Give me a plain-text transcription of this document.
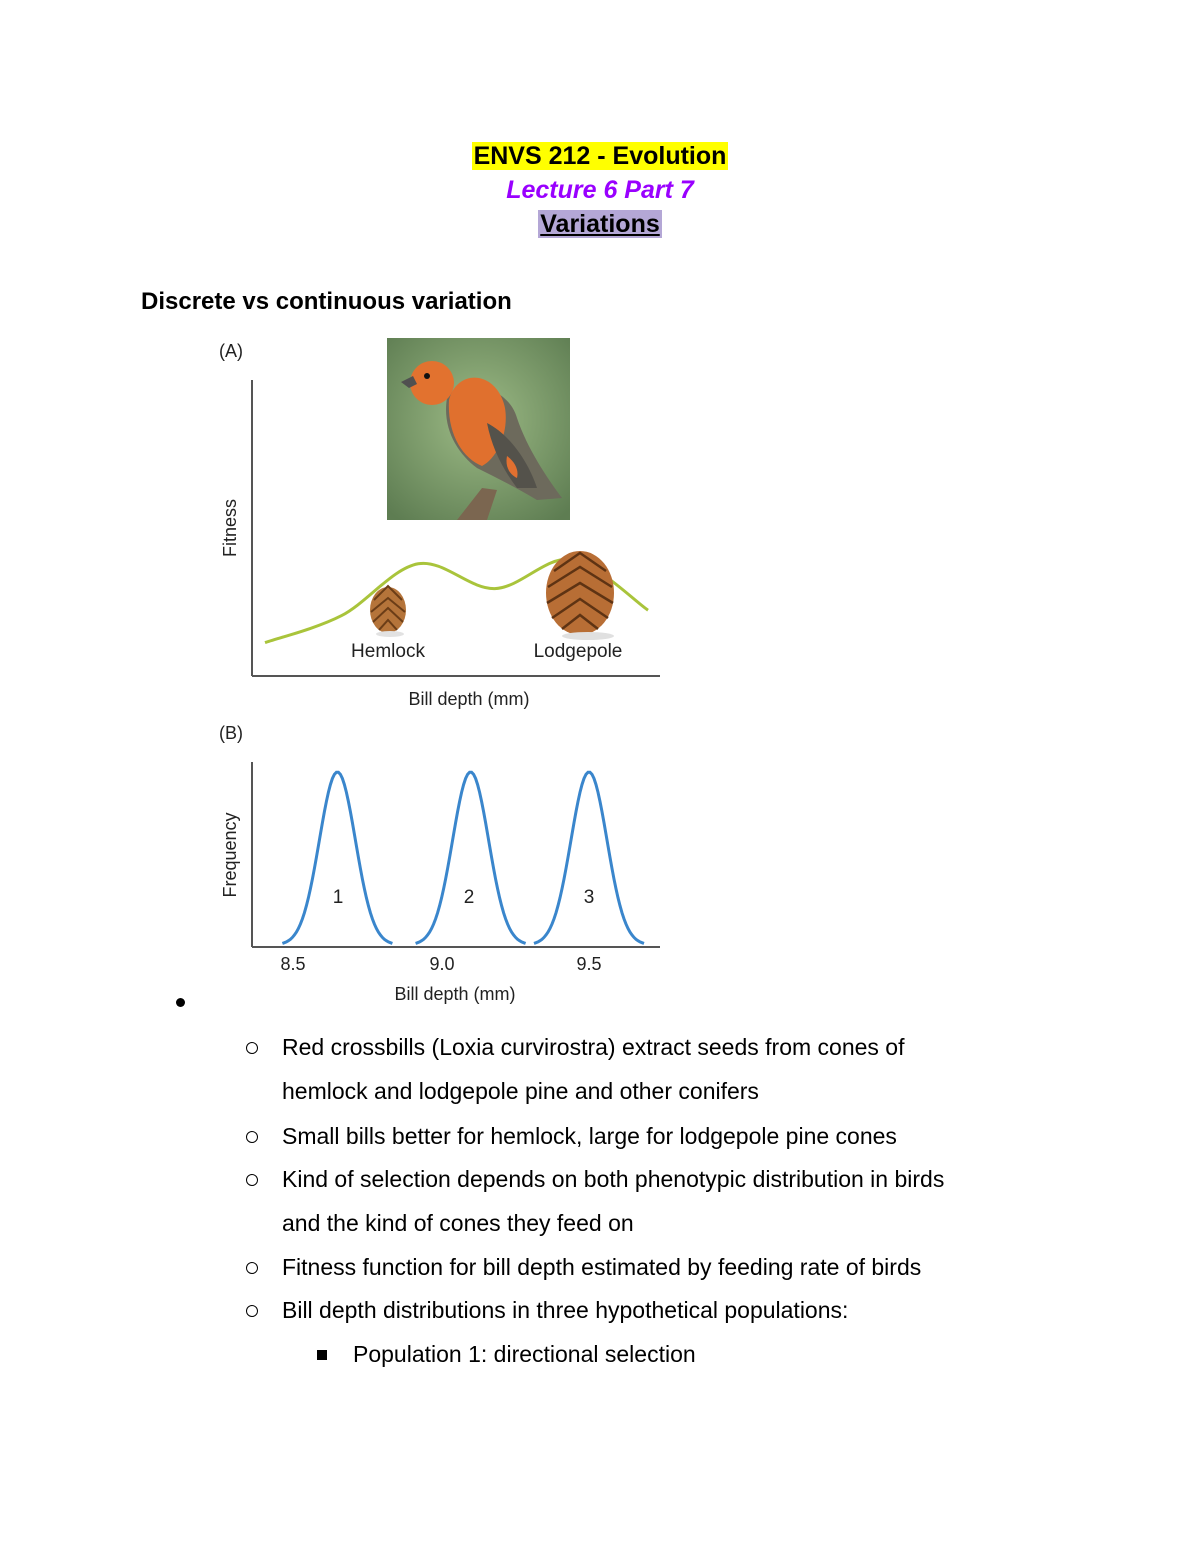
ENVS 212 - Evolution
Lecture 6 Part 7
Variations
Discrete vs continuous variation
(A)
Fitness
Bill depth (mm)
Hemlock	Lodgepole
(B)
Frequency	1	2	3
8.5	9.0	9.5
Bill depth (mm)
Red crossbills (Loxia curvirostra) extract seeds from cones of
hemlock and lodgepole pine and other conifers
Small bills better for hemlock, large for lodgepole pine cones
Kind of selection depends on both phenotypic distribution in birds
and the kind of cones they feed on
Fitness function for bill depth estimated by feeding rate of birds
Bill depth distributions in three hypothetical populations:
Population 1: directional selection
